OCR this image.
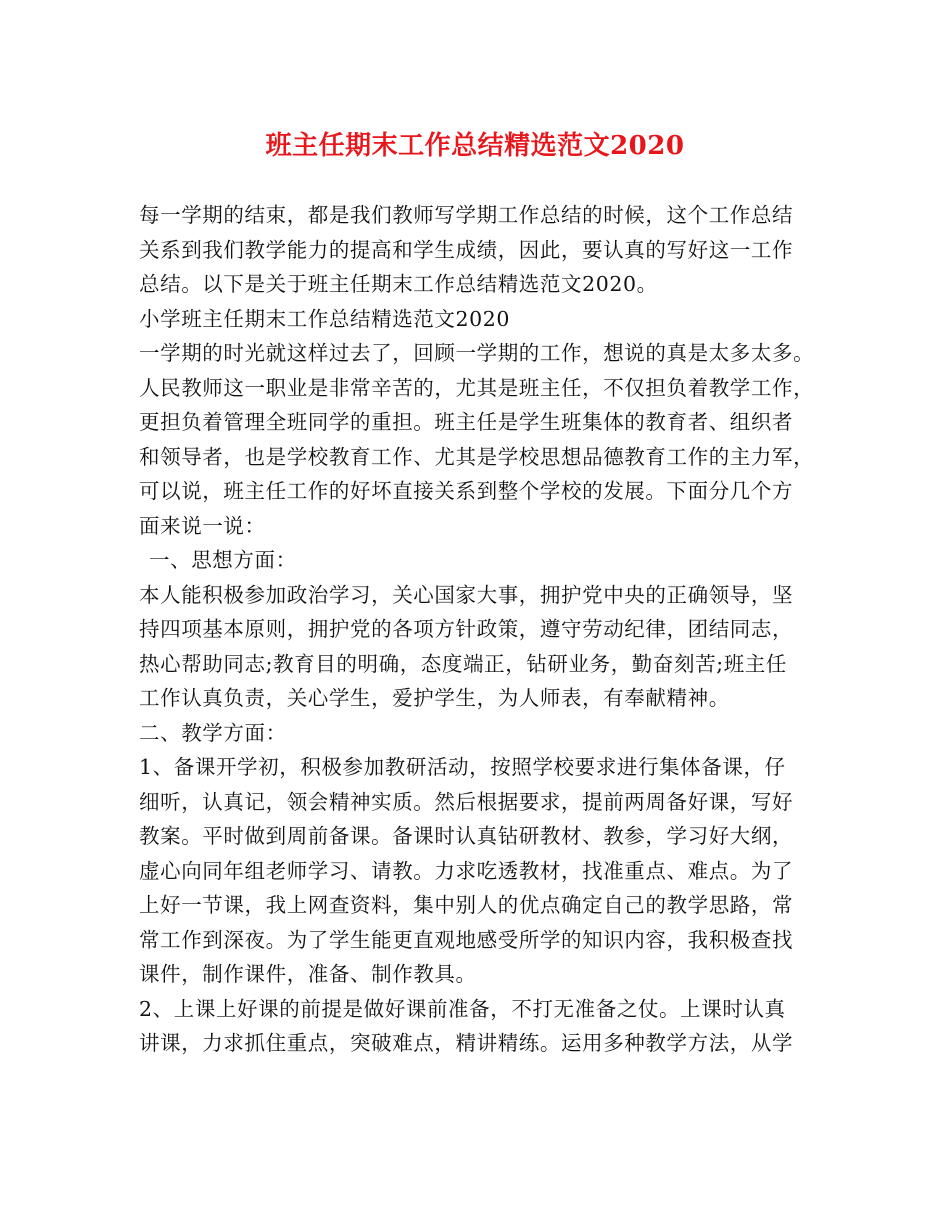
班主任期末工作总结精选范文2020
每一学期的结束，都是我们教师写学期工作总结的时候，这个工作总结
关系到我们教学能力的提高和学生成绩，因此，要认真的写好这一工作
总结。以下是关于班主任期末工作总结精选范文2020。
小学班主任期末工作总结精选范文2020
一学期的时光就这样过去了，回顾一学期的工作，想说的真是太多太多。
人民教师这一职业是非常辛苦的，尤其是班主任，不仅担负着教学工作，
更担负着管理全班同学的重担。班主任是学生班集体的教育者、组织者
和领导者，也是学校教育工作、尤其是学校思想品德教育工作的主力军，
可以说，班主任工作的好坏直接关系到整个学校的发展。下面分几个方
面来说一说：
一、思想方面：
本人能积极参加政治学习，关心国家大事，拥护党中央的正确领导，坚
持四项基本原则，拥护党的各项方针政策，遵守劳动纪律，团结同志，
热心帮助同志;教育目的明确，态度端正，钻研业务，勤奋刻苦;班主任
工作认真负责，关心学生，爱护学生，为人师表，有奉献精神。
二、教学方面：
1、备课开学初，积极参加教研活动，按照学校要求进行集体备课，仔
细听，认真记，领会精神实质。然后根据要求，提前两周备好课，写好
教案。平时做到周前备课。备课时认真钻研教材、教参，学习好大纲，
虚心向同年组老师学习、请教。力求吃透教材，找准重点、难点。为了
上好一节课，我上网查资料，集中别人的优点确定自己的教学思路，常
常工作到深夜。为了学生能更直观地感受所学的知识内容，我积极查找
课件，制作课件，准备、制作教具。
2、上课上好课的前提是做好课前准备，不打无准备之仗。上课时认真
讲课，力求抓住重点，突破难点，精讲精练。运用多种教学方法，从学
